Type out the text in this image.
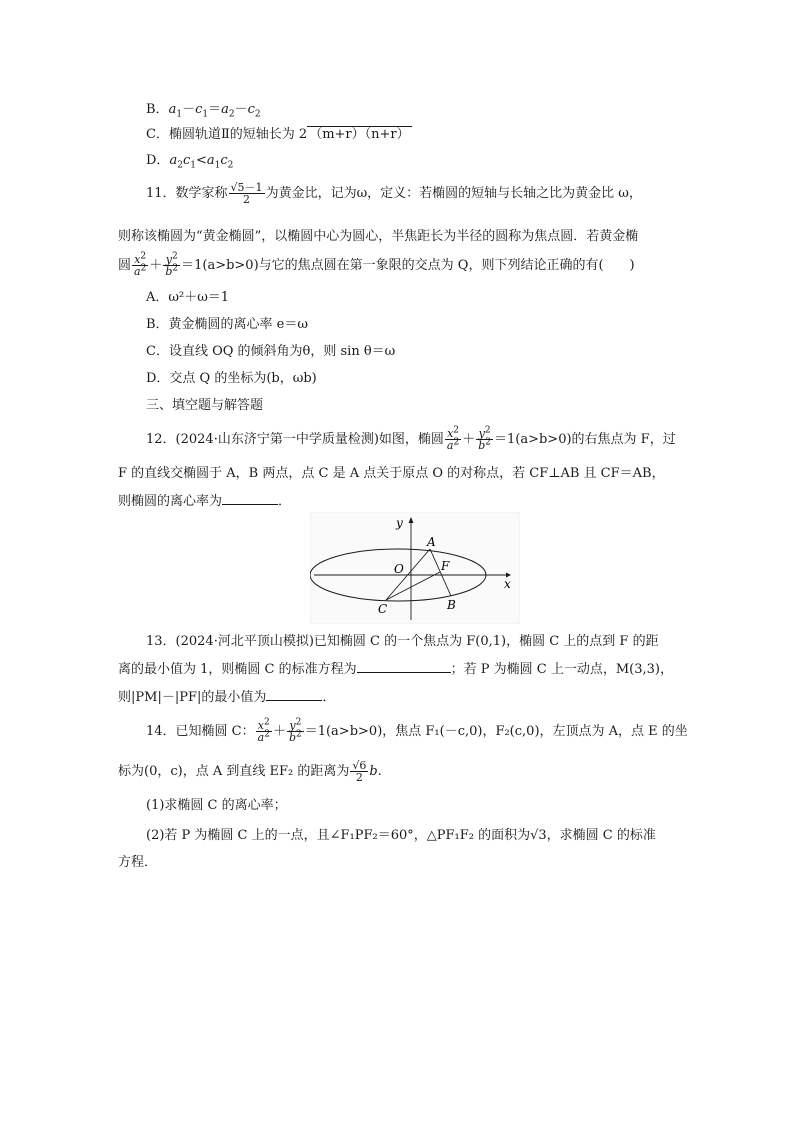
B．$a_1-c_1=a_2-c_2$
C．椭圆轨道Ⅱ的短轴长为 2 （m+r）（n+r）
D．$a_2c_1<a_1c_2$
11．数学家称 $\frac{√5-1}{2}$ 为黄金比，记为ω，定义：若椭圆的短轴与长轴之比为黄金比 ω，
则称该椭圆为“黄金椭圆”，以椭圆中心为圆心，半焦距长为半径的圆称为焦点圆．若黄金椭
圆 $\frac{x^2}{a^2} + \frac{y^2}{b^2} =1(a>b>0)$与它的焦点圆在第一象限的交点为 Q，则下列结论正确的有(　　)
A．ω²＋ω＝1
B．黄金椭圆的离心率 e＝ω
C．设直线 OQ 的倾斜角为θ，则 sin θ＝ω
D．交点 Q 的坐标为(b，ωb)
三、填空题与解答题
12．(2024·山东济宁第一中学质量检测)如图，椭圆 $\frac{x^2}{a^2} + \frac{y^2}{b^2} =1(a>b>0)$的右焦点为 F，过
F 的直线交椭圆于 A，B 两点，点 C 是 A 点关于原点 O 的对称点，若 CF⊥AB 且 CF＝AB，
则椭圆的离心率为	．
y
x
O
A
F
B
C
13．(2024·河北平顶山模拟)已知椭圆 C 的一个焦点为 F(0,1)，椭圆 C 上的点到 F 的距
离的最小值为 1，则椭圆 C 的标准方程为	；若 P 为椭圆 C 上一动点，M(3,3)，
则|PM|－|PF|的最小值为	．
14．已知椭圆 C： $\frac{x^2}{a^2} + \frac{y^2}{b^2} =1(a>b>0)$，焦点 F₁(－c,0)，F₂(c,0)，左顶点为 A，点 E 的坐
标为(0，c)，点 A 到直线 EF₂ 的距离为 $\frac{√6}{2} b$.
(1)求椭圆 C 的离心率；
(2)若 P 为椭圆 C 上的一点，且∠F₁PF₂＝60°，△PF₁F₂ 的面积为√3，求椭圆 C 的标准
方程．
